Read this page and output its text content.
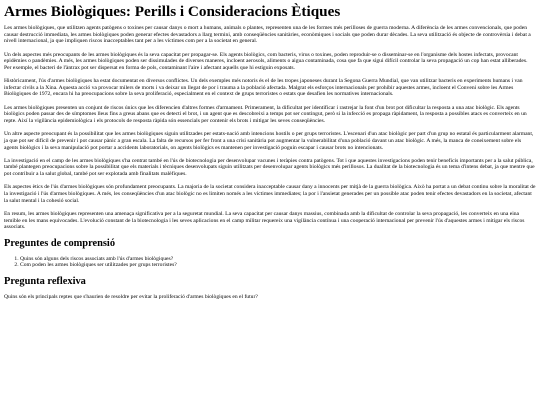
Armes Biològiques: Perills i Consideracions Ètiques

Les armes biològiques, que utilitzen agents patògens o toxines per causar danys o mort a humans, animals o plantes, representen una de les formes més perilloses de guerra moderna. A diferència de les armes convencionals, que poden causar destrucció immediata, les armes biològiques poden generar efectes devastadors a llarg termini, amb conseqüències sanitàries, econòmiques i socials que poden durar dècades. La seva utilització és objecte de controvèrsia i debat a nivell internacional, ja que impliquen riscos inacceptables tant per a les víctimes com per a la societat en general.

Un dels aspectes més preocupants de les armes biològiques és la seva capacitat per propagar-se. Els agents biològics, com bacteris, virus o toxines, poden reproduir-se o disseminar-se en l'organisme dels hostes infectats, provocant epidèmies o pandèmies. A més, les armes biològiques poden ser dissimulades de diverses maneres, incloent aerosols, aliments o aigua contaminada, cosa que fa que sigui difícil controlar la seva propagació un cop han estat alliberades. Per exemple, el bacteri de l'àntrax pot ser dispersat en forma de pols, contaminant l'aire i afectant aquells que hi estiguin exposats.

Històricament, l'ús d'armes biològiques ha estat documentat en diversos conflictes. Un dels exemples més notoris és el de les tropes japoneses durant la Segona Guerra Mundial, que van utilitzar bacteris en experiments humans i van infectar civils a la Xina. Aquesta acció va provocar milers de morts i va deixar un llegat de por i trauma a la població afectada. Malgrat els esforços internacionals per prohibir aquestes armes, incloent el Conveni sobre les Armes Biològiques de 1972, encara hi ha preocupacions sobre la seva proliferació, especialment en el context de grups terroristes o estats que desafien les normatives internacionals.

Les armes biològiques presenten un conjunt de riscos únics que les diferencien d'altres formes d'armament. Primerament, la dificultat per identificar i rastrejar la font d'un brot pot dificultar la resposta a una atac biològic. Els agents biològics poden passar des de símptomes lleus fins a greus abans que es detecti el brot, i un agent que es descobreixi a temps pot ser contingut, però si la infecció es propaga ràpidament, la resposta a possibles atacs es converteix en un repte. Així la vigilància epidemiològica i els protocols de resposta ràpida són essencials per contenir els brots i mitigar les seves conseqüències.

Un altre aspecte preocupant és la possibilitat que les armes biològiques siguin utilitzades per estats-nació amb intencions hostils o per grups terroristes. L'escenari d'un atac biològic per part d'un grup no estatal és particularment alarmant, ja que pot ser difícil de prevenir i pot causar pànic a gran escala. La falta de recursos per fer front a una crisi sanitària pot augmentar la vulnerabilitat d'una població davant un atac biològic. A més, la manca de coneixement sobre els agents biològics i la seva manipulació pot portar a accidents laboratorials, on agents biològics es mantenen per investigació poguin escapar i causar brots no intencionats.

La investigació en el camp de les armes biològiques s'ha centrat també en l'ús de biotecnologia per desenvolupar vacunes i teràpies contra patògens. Tot i que aquestes investigacions poden tenir beneficis importants per a la salut pública, també plantegen preocupacions sobre la possibilitat que els materials i tècniques desenvolupats siguin utilitzats per desenvolupar agents biològics més perillosos. La dualitat de la biotecnologia és un tema d'intens debat, ja que mentre que pot contribuir a la salut global, també pot ser explotada amb finalitats malèfiques.

Els aspectes ètics de l'ús d'armes biològiques són profundament preocupants. La majoria de la societat considera inacceptable causar dany a innocents per mitjà de la guerra biològica. Això ha portat a un debat continu sobre la moralitat de la investigació i l'ús d'armes biològiques. A més, les conseqüències d'un atac biològic no es limiten només a les víctimes immediates; la por i l'ansietat generades per un possible atac poden tenir efectes devastadors en la societat, afectant la salut mental i la cohesió social.

En resum, les armes biològiques representen una amenaça significativa per a la seguretat mundial. La seva capacitat per causar danys massius, combinada amb la dificultat de controlar la seva propagació, les converteix en una eina temible en les mans equivocades. L'evolució constant de la biotecnologia i les seves aplicacions en el camp militar requereix una vigilància contínua i una cooperació internacional per prevenir l'ús d'aquestes armes i mitigar els riscos associats.

Preguntes de comprensió
1. Quins són alguns dels riscos associats amb l'ús d'armes biològiques?
2. Com poden les armes biològiques ser utilitzades per grups terroristes?
Pregunta reflexiva

Quins són els principals reptes que s'haurien de resoldre per evitar la proliferació d'armes biològiques en el futur?
